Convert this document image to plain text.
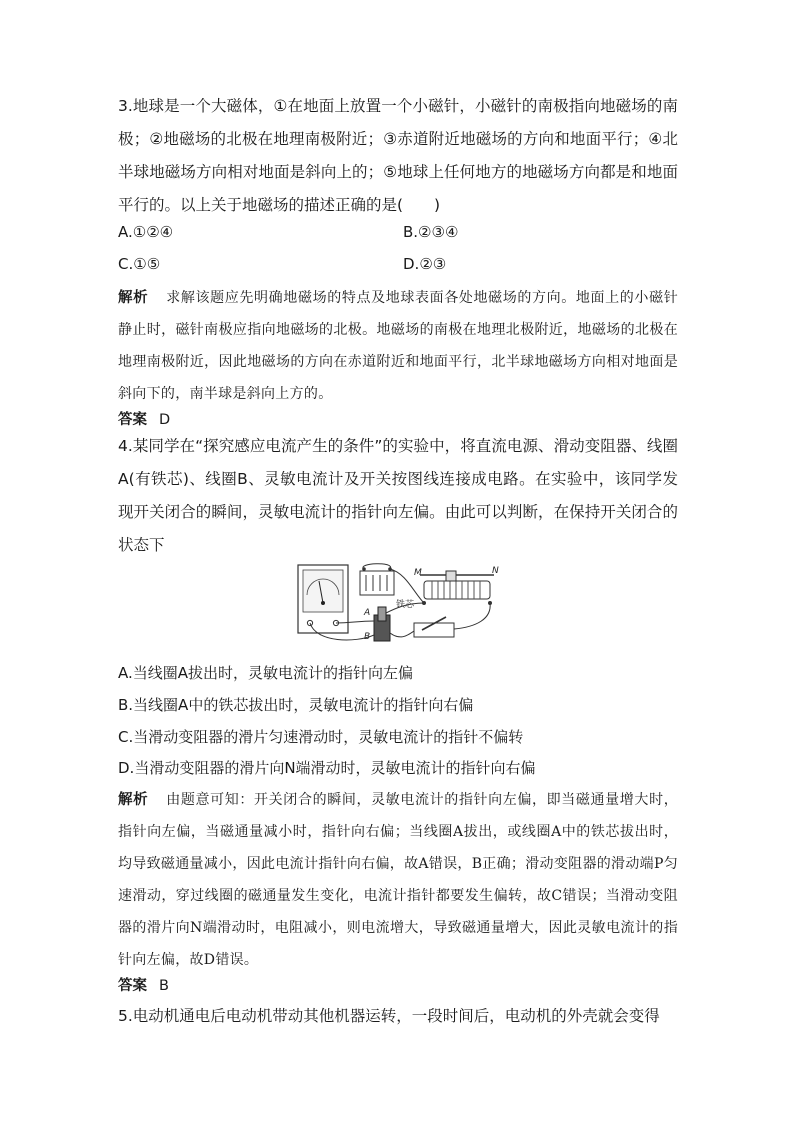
3.地球是一个大磁体，①在地面上放置一个小磁针，小磁针的南极指向地磁场的南极；②地磁场的北极在地理南极附近；③赤道附近地磁场的方向和地面平行；④北半球地磁场方向相对地面是斜向上的；⑤地球上任何地方的地磁场方向都是和地面平行的。以上关于地磁场的描述正确的是(　　)
A.①②④	B.②③④
C.①⑤	D.②③
解析 求解该题应先明确地磁场的特点及地球表面各处地磁场的方向。地面上的小磁针静止时，磁针南极应指向地磁场的北极。地磁场的南极在地理北极附近，地磁场的北极在地理南极附近，因此地磁场的方向在赤道附近和地面平行，北半球地磁场方向相对地面是斜向下的，南半球是斜向上方的。
答案 D
4.某同学在“探究感应电流产生的条件”的实验中，将直流电源、滑动变阻器、线圈A(有铁芯)、线圈B、灵敏电流计及开关按图线连接成电路。在实验中，该同学发现开关闭合的瞬间，灵敏电流计的指针向左偏。由此可以判断，在保持开关闭合的状态下
M	N
铁芯
A
B
A.当线圈A拔出时，灵敏电流计的指针向左偏
B.当线圈A中的铁芯拔出时，灵敏电流计的指针向右偏
C.当滑动变阻器的滑片匀速滑动时，灵敏电流计的指针不偏转
D.当滑动变阻器的滑片向N端滑动时，灵敏电流计的指针向右偏
解析 由题意可知：开关闭合的瞬间，灵敏电流计的指针向左偏，即当磁通量增大时，指针向左偏，当磁通量减小时，指针向右偏；当线圈A拔出，或线圈A中的铁芯拔出时，均导致磁通量减小，因此电流计指针向右偏，故A错误，B正确；滑动变阻器的滑动端P匀速滑动，穿过线圈的磁通量发生变化，电流计指针都要发生偏转，故C错误；当滑动变阻器的滑片向N端滑动时，电阻减小，则电流增大，导致磁通量增大，因此灵敏电流计的指针向左偏，故D错误。
答案 B
5.电动机通电后电动机带动其他机器运转，一段时间后，电动机的外壳就会变得
